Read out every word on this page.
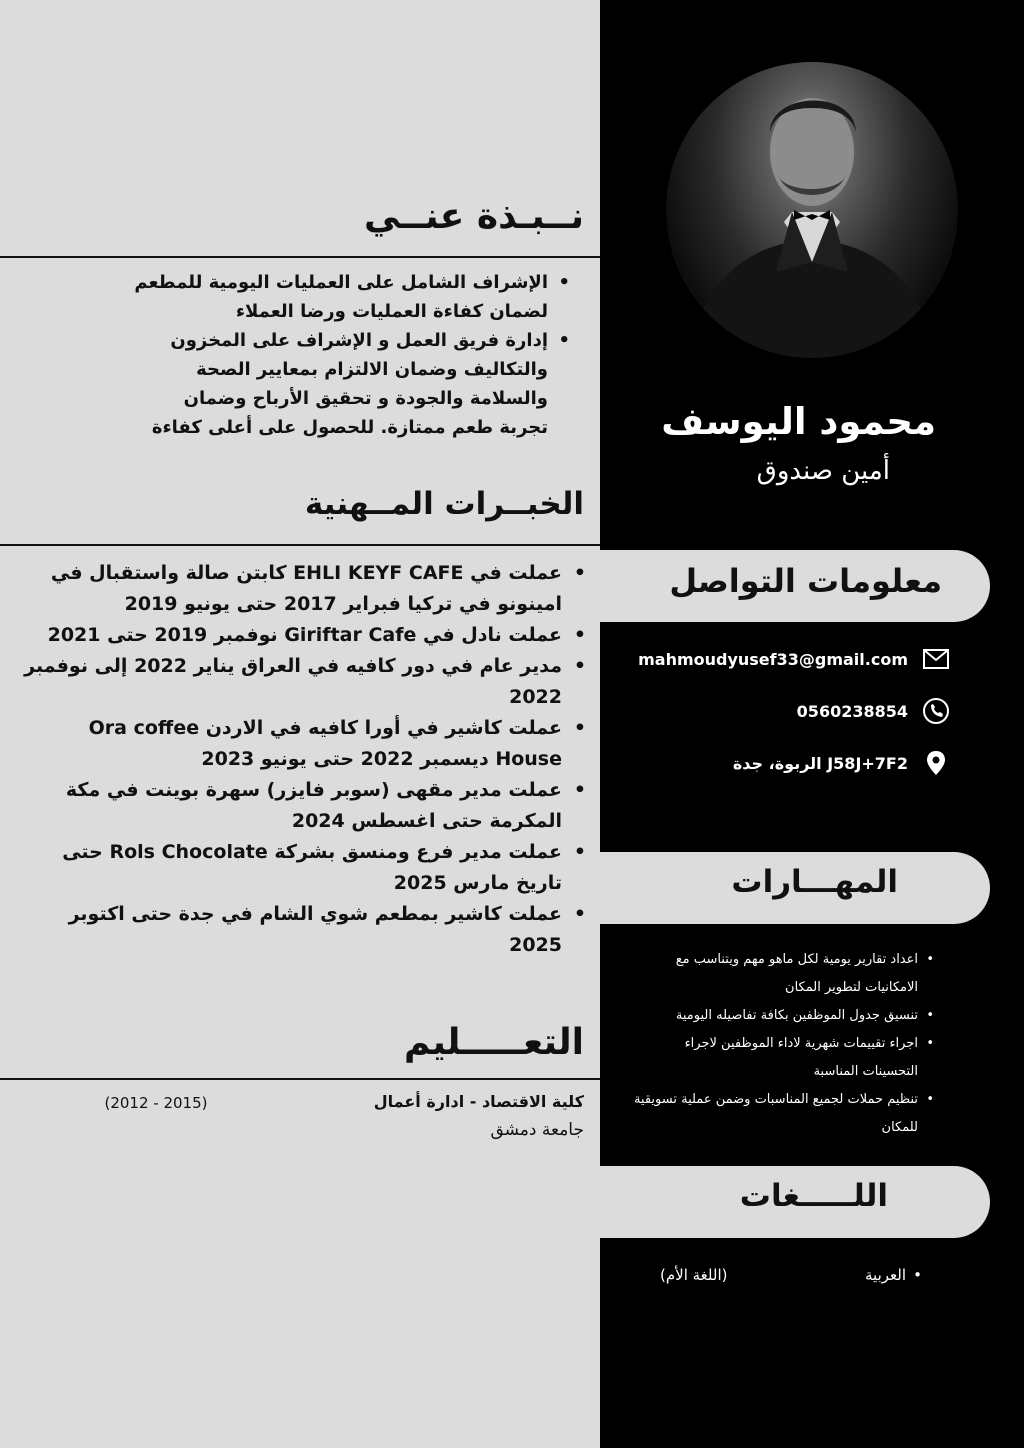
محمود اليوسف
أمين صندوق
معلومات التواصل
mahmoudyusef33@gmail.com
0560238854
J58J+7F2 الربوة، جدة
المهـــارات
• اعداد تقارير يومية لكل ماهو مهم ويتناسب مع الامكانيات لتطوير المكان
• تنسيق جدول الموظفين بكافة تفاصيله اليومية
• اجراء تقييمات شهرية لاداء الموظفين لاجراء التحسينات المناسبة
• تنظيم حملات لجميع المناسبات وضمن عملية تسويقية للمكان
اللـــــغات
• العربية
(اللغة الأم)
نــبـذة عنــي
• الإشراف الشامل على العمليات اليومية للمطعم لضمان كفاءة العمليات ورضا العملاء
• إدارة فريق العمل و الإشراف على المخزون والتكاليف وضمان الالتزام بمعايير الصحة والسلامة والجودة و تحقيق الأرباح وضمان تجربة طعم ممتازة. للحصول على أعلى كفاءة
الخبــرات المــهنية
• عملت في EHLI KEYF CAFE كابتن صالة واستقبال في امينونو في تركيا فبراير 2017 حتى يونيو 2019
• عملت نادل في Giriftar Cafe نوفمبر 2019 حتى 2021
• مدير عام في دور كافيه في العراق يناير 2022 إلى نوفمبر 2022
• عملت كاشير في أورا كافيه في الاردن Ora coffee House ديسمبر 2022 حتى يونيو 2023
• عملت مدير مقهى (سوبر فايزر) سهرة بوينت في مكة المكرمة حتى اغسطس 2024
• عملت مدير فرع ومنسق بشركة Rols Chocolate حتى تاريخ مارس 2025
• عملت كاشير بمطعم شوي الشام في جدة حتى اكتوبر 2025
التعـــــليم
كلية الاقتصاد - ادارة أعمال
(2012 - 2015)
جامعة دمشق
